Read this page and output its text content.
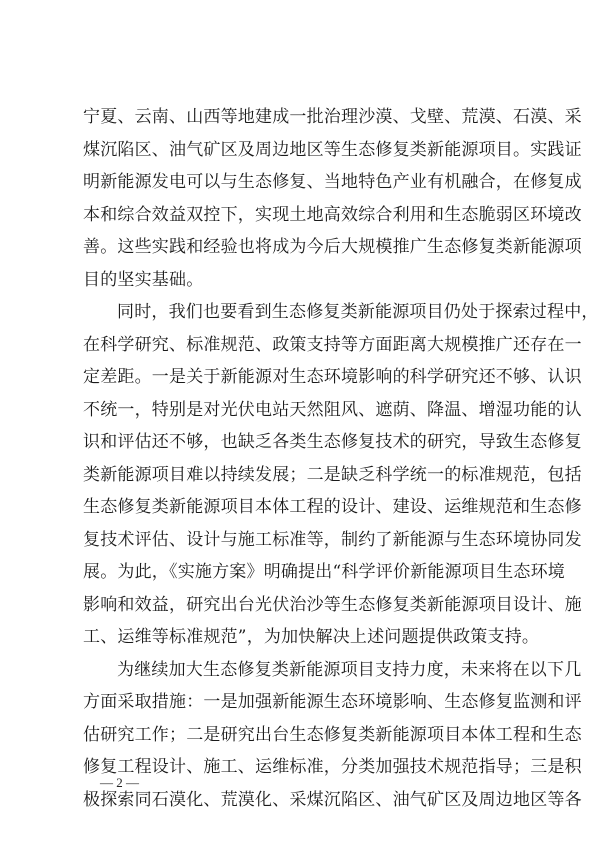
宁夏、云南、山西等地建成一批治理沙漠、戈壁、荒漠、石漠、采
煤沉陷区、油气矿区及周边地区等生态修复类新能源项目。实践证
明新能源发电可以与生态修复、当地特色产业有机融合，在修复成
本和综合效益双控下，实现土地高效综合利用和生态脆弱区环境改
善。这些实践和经验也将成为今后大规模推广生态修复类新能源项
目的坚实基础。
同时，我们也要看到生态修复类新能源项目仍处于探索过程中，
在科学研究、标准规范、政策支持等方面距离大规模推广还存在一
定差距。一是关于新能源对生态环境影响的科学研究还不够、认识
不统一，特别是对光伏电站天然阻风、遮荫、降温、增湿功能的认
识和评估还不够，也缺乏各类生态修复技术的研究，导致生态修复
类新能源项目难以持续发展；二是缺乏科学统一的标准规范，包括
生态修复类新能源项目本体工程的设计、建设、运维规范和生态修
复技术评估、设计与施工标准等，制约了新能源与生态环境协同发
展。为此，《实施方案》明确提出“科学评价新能源项目生态环境
影响和效益，研究出台光伏治沙等生态修复类新能源项目设计、施
工、运维等标准规范”，为加快解决上述问题提供政策支持。
为继续加大生态修复类新能源项目支持力度，未来将在以下几
方面采取措施：一是加强新能源生态环境影响、生态修复监测和评
估研究工作；二是研究出台生态修复类新能源项目本体工程和生态
修复工程设计、施工、运维标准，分类加强技术规范指导；三是积
极探索同石漠化、荒漠化、采煤沉陷区、油气矿区及周边地区等各
— 2 —
